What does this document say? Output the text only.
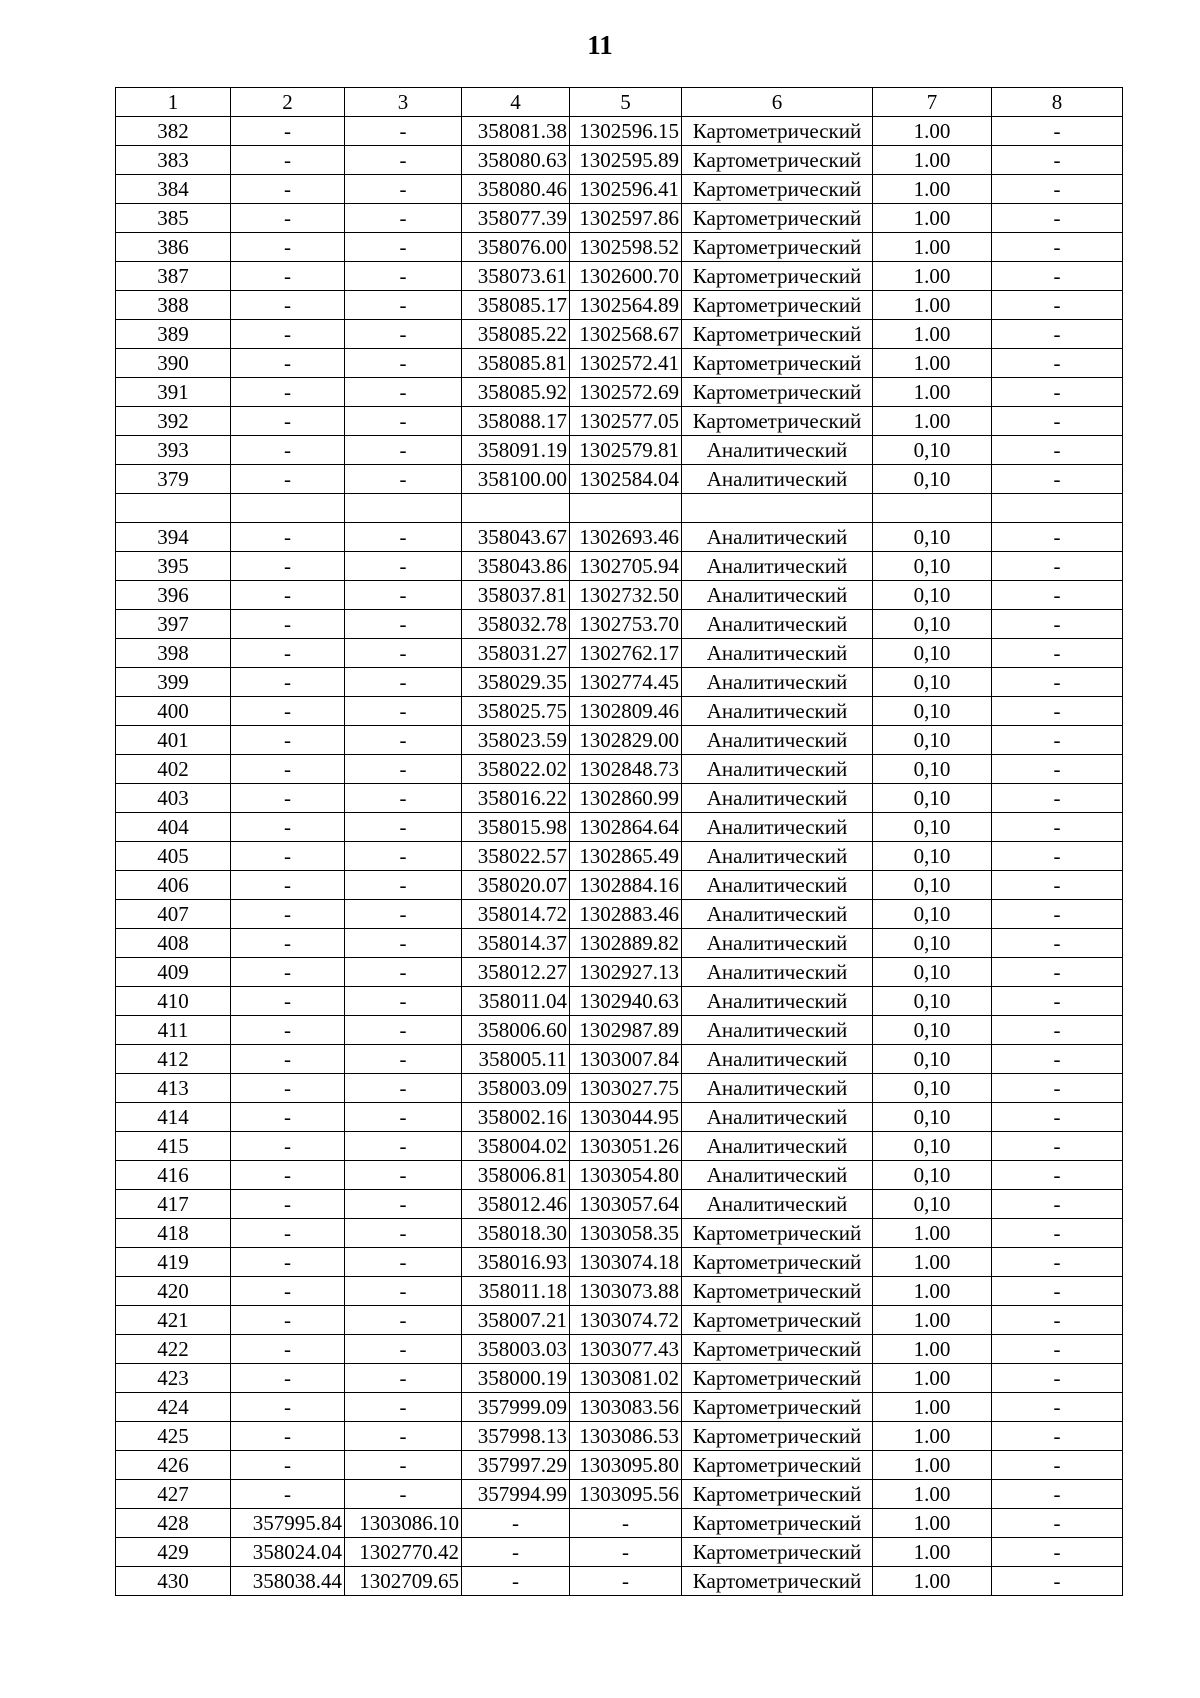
11
1	2	3	4	5	6	7	8
382	-	-	358081.38	1302596.15	Картометрический	1.00	-
383	-	-	358080.63	1302595.89	Картометрический	1.00	-
384	-	-	358080.46	1302596.41	Картометрический	1.00	-
385	-	-	358077.39	1302597.86	Картометрический	1.00	-
386	-	-	358076.00	1302598.52	Картометрический	1.00	-
387	-	-	358073.61	1302600.70	Картометрический	1.00	-
388	-	-	358085.17	1302564.89	Картометрический	1.00	-
389	-	-	358085.22	1302568.67	Картометрический	1.00	-
390	-	-	358085.81	1302572.41	Картометрический	1.00	-
391	-	-	358085.92	1302572.69	Картометрический	1.00	-
392	-	-	358088.17	1302577.05	Картометрический	1.00	-
393	-	-	358091.19	1302579.81	Аналитический	0,10	-
379	-	-	358100.00	1302584.04	Аналитический	0,10	-

394	-	-	358043.67	1302693.46	Аналитический	0,10	-
395	-	-	358043.86	1302705.94	Аналитический	0,10	-
396	-	-	358037.81	1302732.50	Аналитический	0,10	-
397	-	-	358032.78	1302753.70	Аналитический	0,10	-
398	-	-	358031.27	1302762.17	Аналитический	0,10	-
399	-	-	358029.35	1302774.45	Аналитический	0,10	-
400	-	-	358025.75	1302809.46	Аналитический	0,10	-
401	-	-	358023.59	1302829.00	Аналитический	0,10	-
402	-	-	358022.02	1302848.73	Аналитический	0,10	-
403	-	-	358016.22	1302860.99	Аналитический	0,10	-
404	-	-	358015.98	1302864.64	Аналитический	0,10	-
405	-	-	358022.57	1302865.49	Аналитический	0,10	-
406	-	-	358020.07	1302884.16	Аналитический	0,10	-
407	-	-	358014.72	1302883.46	Аналитический	0,10	-
408	-	-	358014.37	1302889.82	Аналитический	0,10	-
409	-	-	358012.27	1302927.13	Аналитический	0,10	-
410	-	-	358011.04	1302940.63	Аналитический	0,10	-
411	-	-	358006.60	1302987.89	Аналитический	0,10	-
412	-	-	358005.11	1303007.84	Аналитический	0,10	-
413	-	-	358003.09	1303027.75	Аналитический	0,10	-
414	-	-	358002.16	1303044.95	Аналитический	0,10	-
415	-	-	358004.02	1303051.26	Аналитический	0,10	-
416	-	-	358006.81	1303054.80	Аналитический	0,10	-
417	-	-	358012.46	1303057.64	Аналитический	0,10	-
418	-	-	358018.30	1303058.35	Картометрический	1.00	-
419	-	-	358016.93	1303074.18	Картометрический	1.00	-
420	-	-	358011.18	1303073.88	Картометрический	1.00	-
421	-	-	358007.21	1303074.72	Картометрический	1.00	-
422	-	-	358003.03	1303077.43	Картометрический	1.00	-
423	-	-	358000.19	1303081.02	Картометрический	1.00	-
424	-	-	357999.09	1303083.56	Картометрический	1.00	-
425	-	-	357998.13	1303086.53	Картометрический	1.00	-
426	-	-	357997.29	1303095.80	Картометрический	1.00	-
427	-	-	357994.99	1303095.56	Картометрический	1.00	-
428	357995.84	1303086.10	-	-	Картометрический	1.00	-
429	358024.04	1302770.42	-	-	Картометрический	1.00	-
430	358038.44	1302709.65	-	-	Картометрический	1.00	-
